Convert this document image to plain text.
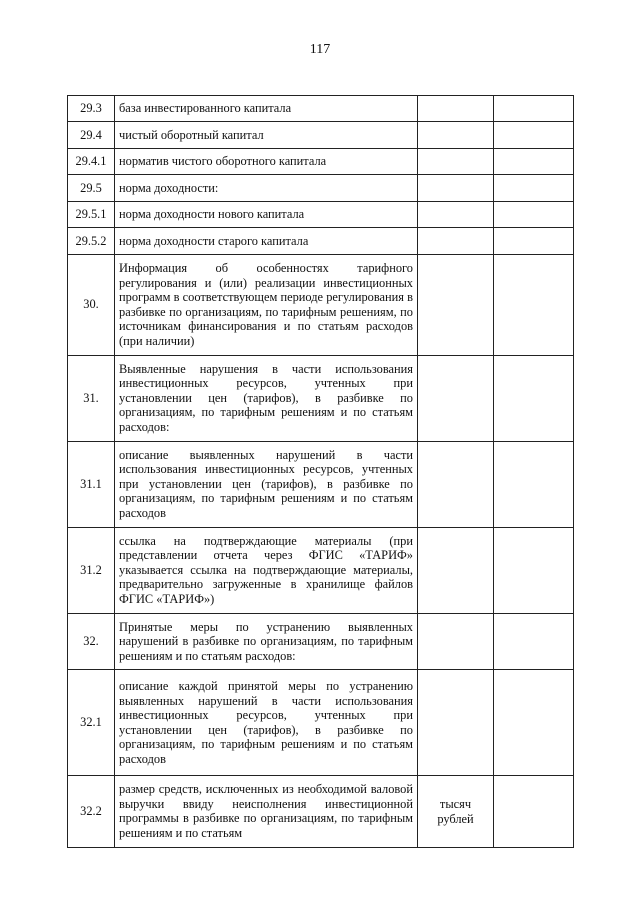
117
29.3	база инвестированного капитала		
29.4	чистый оборотный капитал		
29.4.1	норматив чистого оборотного капитала		
29.5	норма доходности:		
29.5.1	норма доходности нового капитала		
29.5.2	норма доходности старого капитала		
30.	Информация об особенностях тарифного регулирования и (или) реализации инвестиционных программ в соответствующем периоде регулирования в разбивке по организациям, по тарифным решениям, по источникам финансирования и по статьям расходов (при наличии)		
31.	Выявленные нарушения в части использования инвестиционных ресурсов, учтенных при установлении цен (тарифов), в разбивке по организациям, по тарифным решениям и по статьям расходов:		
31.1	описание выявленных нарушений в части использования инвестиционных ресурсов, учтенных при установлении цен (тарифов), в разбивке по организациям, по тарифным решениям и по статьям расходов		
31.2	ссылка на подтверждающие материалы (при представлении отчета через ФГИС «ТАРИФ» указывается ссылка на подтверждающие материалы, предварительно загруженные в хранилище файлов ФГИС «ТАРИФ»)		
32.	Принятые меры по устранению выявленных нарушений в разбивке по организациям, по тарифным решениям и по статьям расходов:		
32.1	описание каждой принятой меры по устранению выявленных нарушений в части использования инвестиционных ресурсов, учтенных при установлении цен (тарифов), в разбивке по организациям, по тарифным решениям и по статьям расходов		
32.2	размер средств, исключенных из необходимой валовой выручки ввиду неисполнения инвестиционной программы в разбивке по организациям, по тарифным решениям и по статьям	тысяч рублей	
